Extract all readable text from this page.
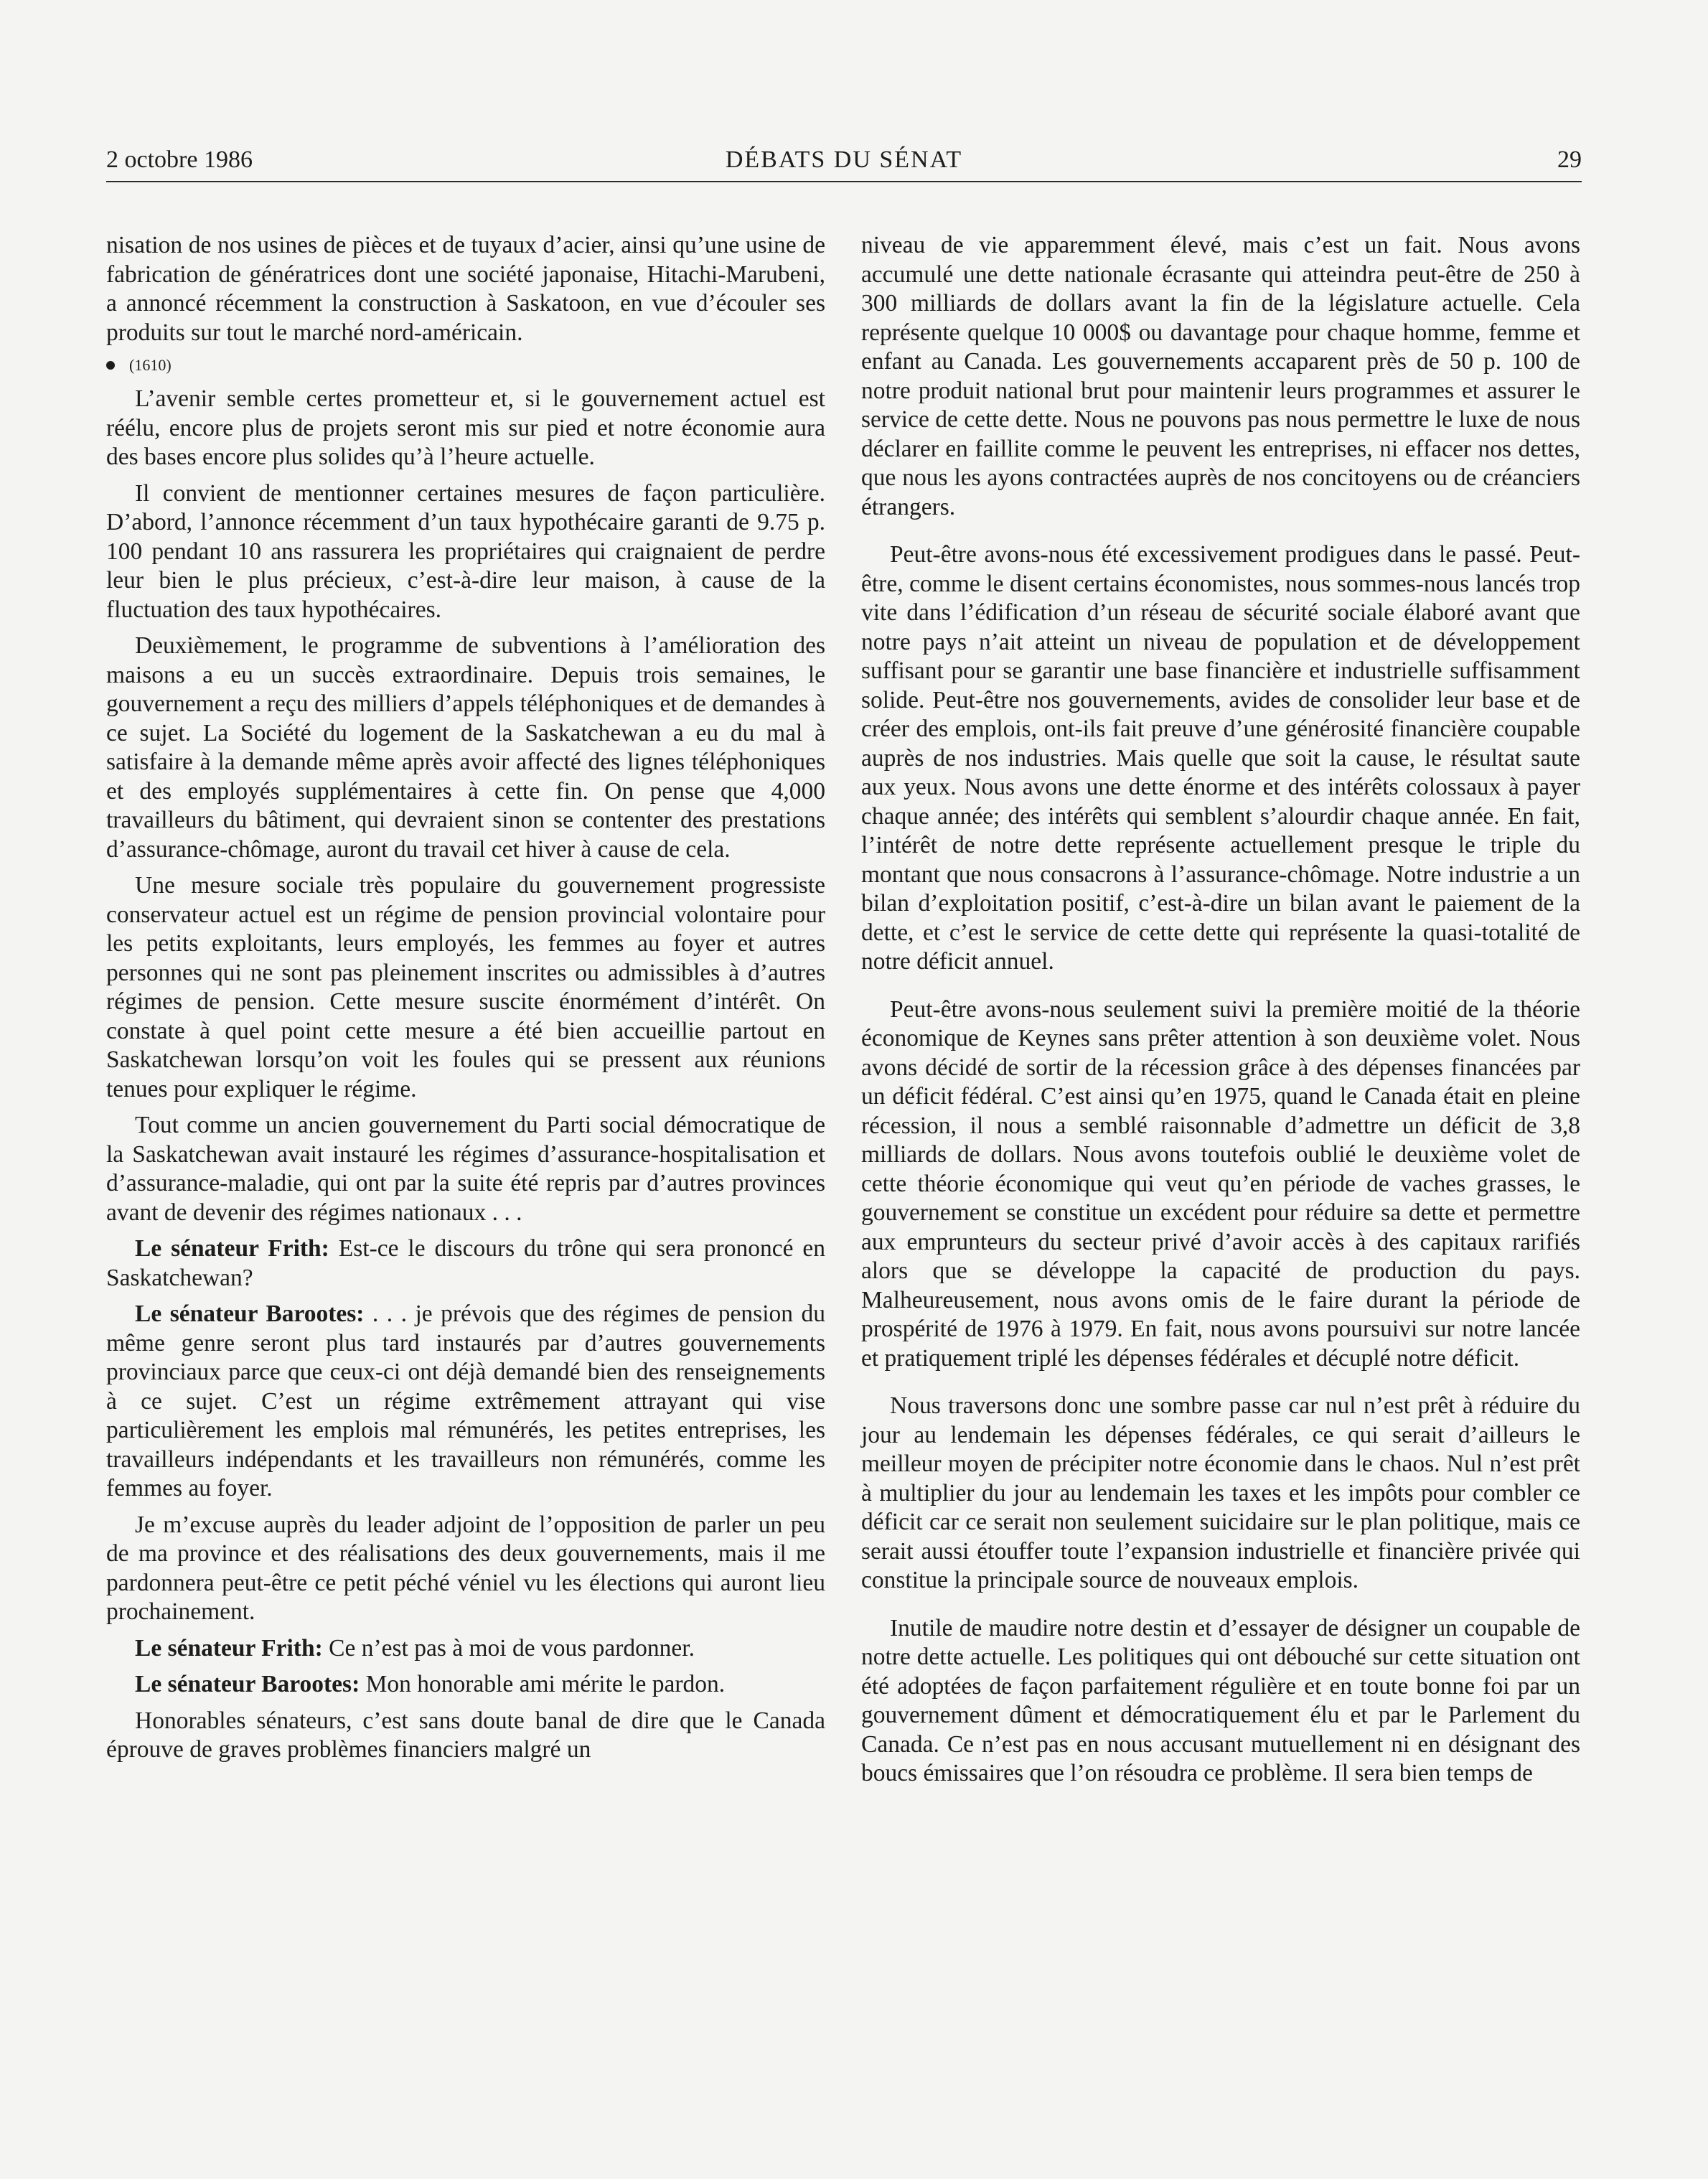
2 octobre 1986	DÉBATS DU SÉNAT	29

nisation de nos usines de pièces et de tuyaux d’acier, ainsi qu’une usine de fabrication de génératrices dont une société japonaise, Hitachi-Marubeni, a annoncé récemment la construction à Saskatoon, en vue d’écouler ses produits sur tout le marché nord-américain.

(1610)

L’avenir semble certes prometteur et, si le gouvernement actuel est réélu, encore plus de projets seront mis sur pied et notre économie aura des bases encore plus solides qu’à l’heure actuelle.

Il convient de mentionner certaines mesures de façon particulière. D’abord, l’annonce récemment d’un taux hypothécaire garanti de 9.75 p. 100 pendant 10 ans rassurera les propriétaires qui craignaient de perdre leur bien le plus précieux, c’est-à-dire leur maison, à cause de la fluctuation des taux hypothécaires.

Deuxièmement, le programme de subventions à l’amélioration des maisons a eu un succès extraordinaire. Depuis trois semaines, le gouvernement a reçu des milliers d’appels téléphoniques et de demandes à ce sujet. La Société du logement de la Saskatchewan a eu du mal à satisfaire à la demande même après avoir affecté des lignes téléphoniques et des employés supplémentaires à cette fin. On pense que 4,000 travailleurs du bâtiment, qui devraient sinon se contenter des prestations d’assurance-chômage, auront du travail cet hiver à cause de cela.

Une mesure sociale très populaire du gouvernement progressiste conservateur actuel est un régime de pension provincial volontaire pour les petits exploitants, leurs employés, les femmes au foyer et autres personnes qui ne sont pas pleinement inscrites ou admissibles à d’autres régimes de pension. Cette mesure suscite énormément d’intérêt. On constate à quel point cette mesure a été bien accueillie partout en Saskatchewan lorsqu’on voit les foules qui se pressent aux réunions tenues pour expliquer le régime.

Tout comme un ancien gouvernement du Parti social démocratique de la Saskatchewan avait instauré les régimes d’assurance-hospitalisation et d’assurance-maladie, qui ont par la suite été repris par d’autres provinces avant de devenir des régimes nationaux . . .

Le sénateur Frith: Est-ce le discours du trône qui sera prononcé en Saskatchewan?

Le sénateur Barootes: . . . je prévois que des régimes de pension du même genre seront plus tard instaurés par d’autres gouvernements provinciaux parce que ceux-ci ont déjà demandé bien des renseignements à ce sujet. C’est un régime extrêmement attrayant qui vise particulièrement les emplois mal rémunérés, les petites entreprises, les travailleurs indépendants et les travailleurs non rémunérés, comme les femmes au foyer.

Je m’excuse auprès du leader adjoint de l’opposition de parler un peu de ma province et des réalisations des deux gouvernements, mais il me pardonnera peut-être ce petit péché véniel vu les élections qui auront lieu prochainement.

Le sénateur Frith: Ce n’est pas à moi de vous pardonner.

Le sénateur Barootes: Mon honorable ami mérite le pardon.

Honorables sénateurs, c’est sans doute banal de dire que le Canada éprouve de graves problèmes financiers malgré un

niveau de vie apparemment élevé, mais c’est un fait. Nous avons accumulé une dette nationale écrasante qui atteindra peut-être de 250 à 300 milliards de dollars avant la fin de la législature actuelle. Cela représente quelque 10 000$ ou davantage pour chaque homme, femme et enfant au Canada. Les gouvernements accaparent près de 50 p. 100 de notre produit national brut pour maintenir leurs programmes et assurer le service de cette dette. Nous ne pouvons pas nous permettre le luxe de nous déclarer en faillite comme le peuvent les entreprises, ni effacer nos dettes, que nous les ayons contractées auprès de nos concitoyens ou de créanciers étrangers.

Peut-être avons-nous été excessivement prodigues dans le passé. Peut-être, comme le disent certains économistes, nous sommes-nous lancés trop vite dans l’édification d’un réseau de sécurité sociale élaboré avant que notre pays n’ait atteint un niveau de population et de développement suffisant pour se garantir une base financière et industrielle suffisamment solide. Peut-être nos gouvernements, avides de consolider leur base et de créer des emplois, ont-ils fait preuve d’une générosité financière coupable auprès de nos industries. Mais quelle que soit la cause, le résultat saute aux yeux. Nous avons une dette énorme et des intérêts colossaux à payer chaque année; des intérêts qui semblent s’alourdir chaque année. En fait, l’intérêt de notre dette représente actuellement presque le triple du montant que nous consacrons à l’assurance-chômage. Notre industrie a un bilan d’exploitation positif, c’est-à-dire un bilan avant le paiement de la dette, et c’est le service de cette dette qui représente la quasi-totalité de notre déficit annuel.

Peut-être avons-nous seulement suivi la première moitié de la théorie économique de Keynes sans prêter attention à son deuxième volet. Nous avons décidé de sortir de la récession grâce à des dépenses financées par un déficit fédéral. C’est ainsi qu’en 1975, quand le Canada était en pleine récession, il nous a semblé raisonnable d’admettre un déficit de 3,8 milliards de dollars. Nous avons toutefois oublié le deuxième volet de cette théorie économique qui veut qu’en période de vaches grasses, le gouvernement se constitue un excédent pour réduire sa dette et permettre aux emprunteurs du secteur privé d’avoir accès à des capitaux rarifiés alors que se développe la capacité de production du pays. Malheureusement, nous avons omis de le faire durant la période de prospérité de 1976 à 1979. En fait, nous avons poursuivi sur notre lancée et pratiquement triplé les dépenses fédérales et décuplé notre déficit.

Nous traversons donc une sombre passe car nul n’est prêt à réduire du jour au lendemain les dépenses fédérales, ce qui serait d’ailleurs le meilleur moyen de précipiter notre économie dans le chaos. Nul n’est prêt à multiplier du jour au lendemain les taxes et les impôts pour combler ce déficit car ce serait non seulement suicidaire sur le plan politique, mais ce serait aussi étouffer toute l’expansion industrielle et financière privée qui constitue la principale source de nouveaux emplois.

Inutile de maudire notre destin et d’essayer de désigner un coupable de notre dette actuelle. Les politiques qui ont débouché sur cette situation ont été adoptées de façon parfaitement régulière et en toute bonne foi par un gouvernement dûment et démocratiquement élu et par le Parlement du Canada. Ce n’est pas en nous accusant mutuellement ni en désignant des boucs émissaires que l’on résoudra ce problème. Il sera bien temps de
